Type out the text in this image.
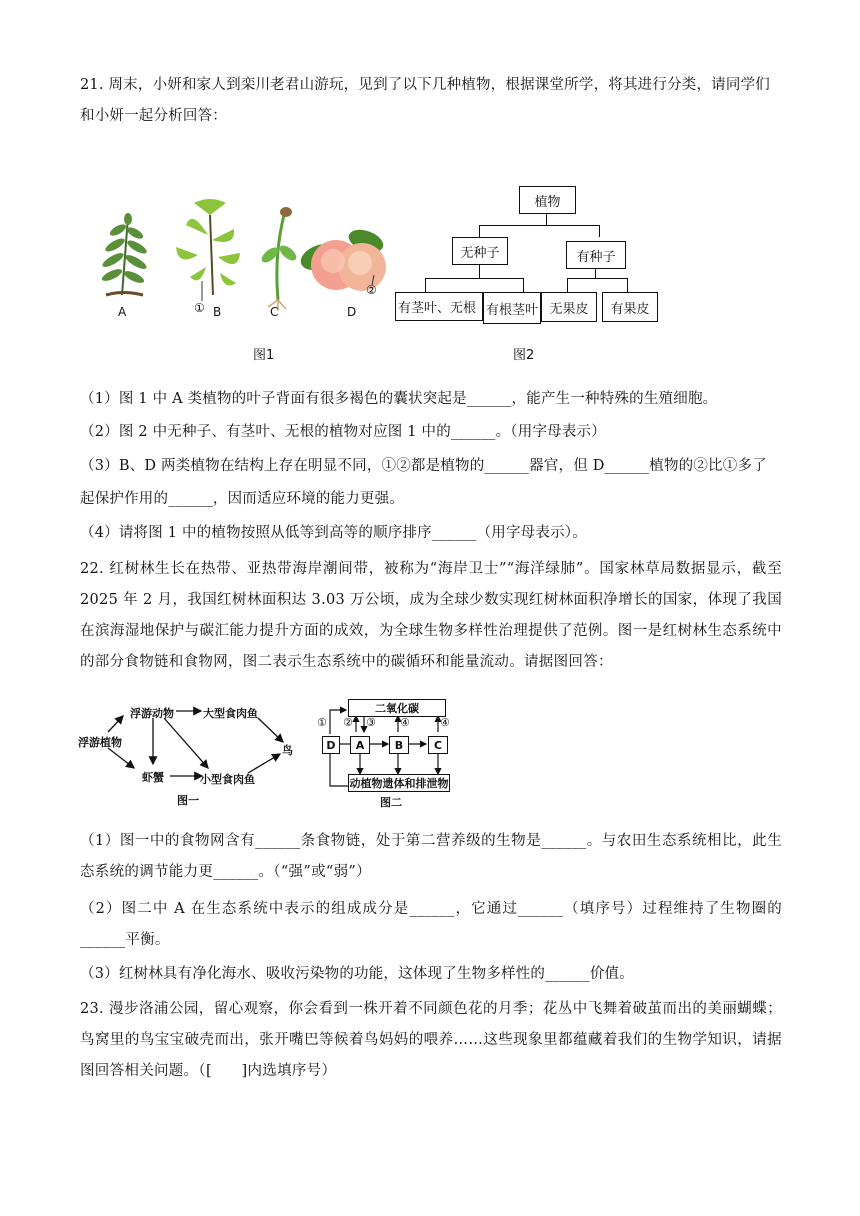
21. 周末，小妍和家人到栾川老君山游玩，见到了以下几种植物，根据课堂所学，将其进行分类，请同学们
和小妍一起分析回答：
A	B
①	C	D
②
图1
植物
无种子	有种子
有茎叶、无根 有根茎叶 无果皮	有果皮
图2
（1）图 1 中 A 类植物的叶子背面有很多褐色的囊状突起是______，能产生一种特殊的生殖细胞。
（2）图 2 中无种子、有茎叶、无根的植物对应图 1 中的______。（用字母表示）
（3）B、D 两类植物在结构上存在明显不同，①②都是植物的______器官，但 D______植物的②比①多了
起保护作用的______，因而适应环境的能力更强。
（4）请将图 1 中的植物按照从低等到高等的顺序排序______（用字母表示）。
22. 红树林生长在热带、亚热带海岸潮间带，被称为“海岸卫士”“海洋绿肺”。国家林草局数据显示，截至 2025 年 2 月，我国红树林面积达 3.03 万公顷，成为全球少数实现红树林面积净增长的国家，体现了我国在滨海湿地保护与碳汇能力提升方面的成效，为全球生物多样性治理提供了范例。图一是红树林生态系统中的部分食物链和食物网，图二表示生态系统中的碳循环和能量流动。请据图回答：
浮游植物
浮游动物	大型食肉鱼
虾蟹	小型食肉鱼
鸟
图一
二氧化碳
D	A	B	C
动植物遗体和排泄物
① ② ③ ④	④
图二
（1）图一中的食物网含有______条食物链，处于第二营养级的生物是______。与农田生态系统相比，此生态系统的调节能力更______。（“强”或“弱”）
（2）图二中 A 在生态系统中表示的组成成分是______，它通过______（填序号）过程维持了生物圈的______平衡。
（3）红树林具有净化海水、吸收污染物的功能，这体现了生物多样性的______价值。
23. 漫步洛浦公园，留心观察，你会看到一株开着不同颜色花的月季；花丛中飞舞着破茧而出的美丽蝴蝶；鸟窝里的鸟宝宝破壳而出，张开嘴巴等候着鸟妈妈的喂养……这些现象里都蕴藏着我们的生物学知识，请据图回答相关问题。（[　　]内选填序号）
